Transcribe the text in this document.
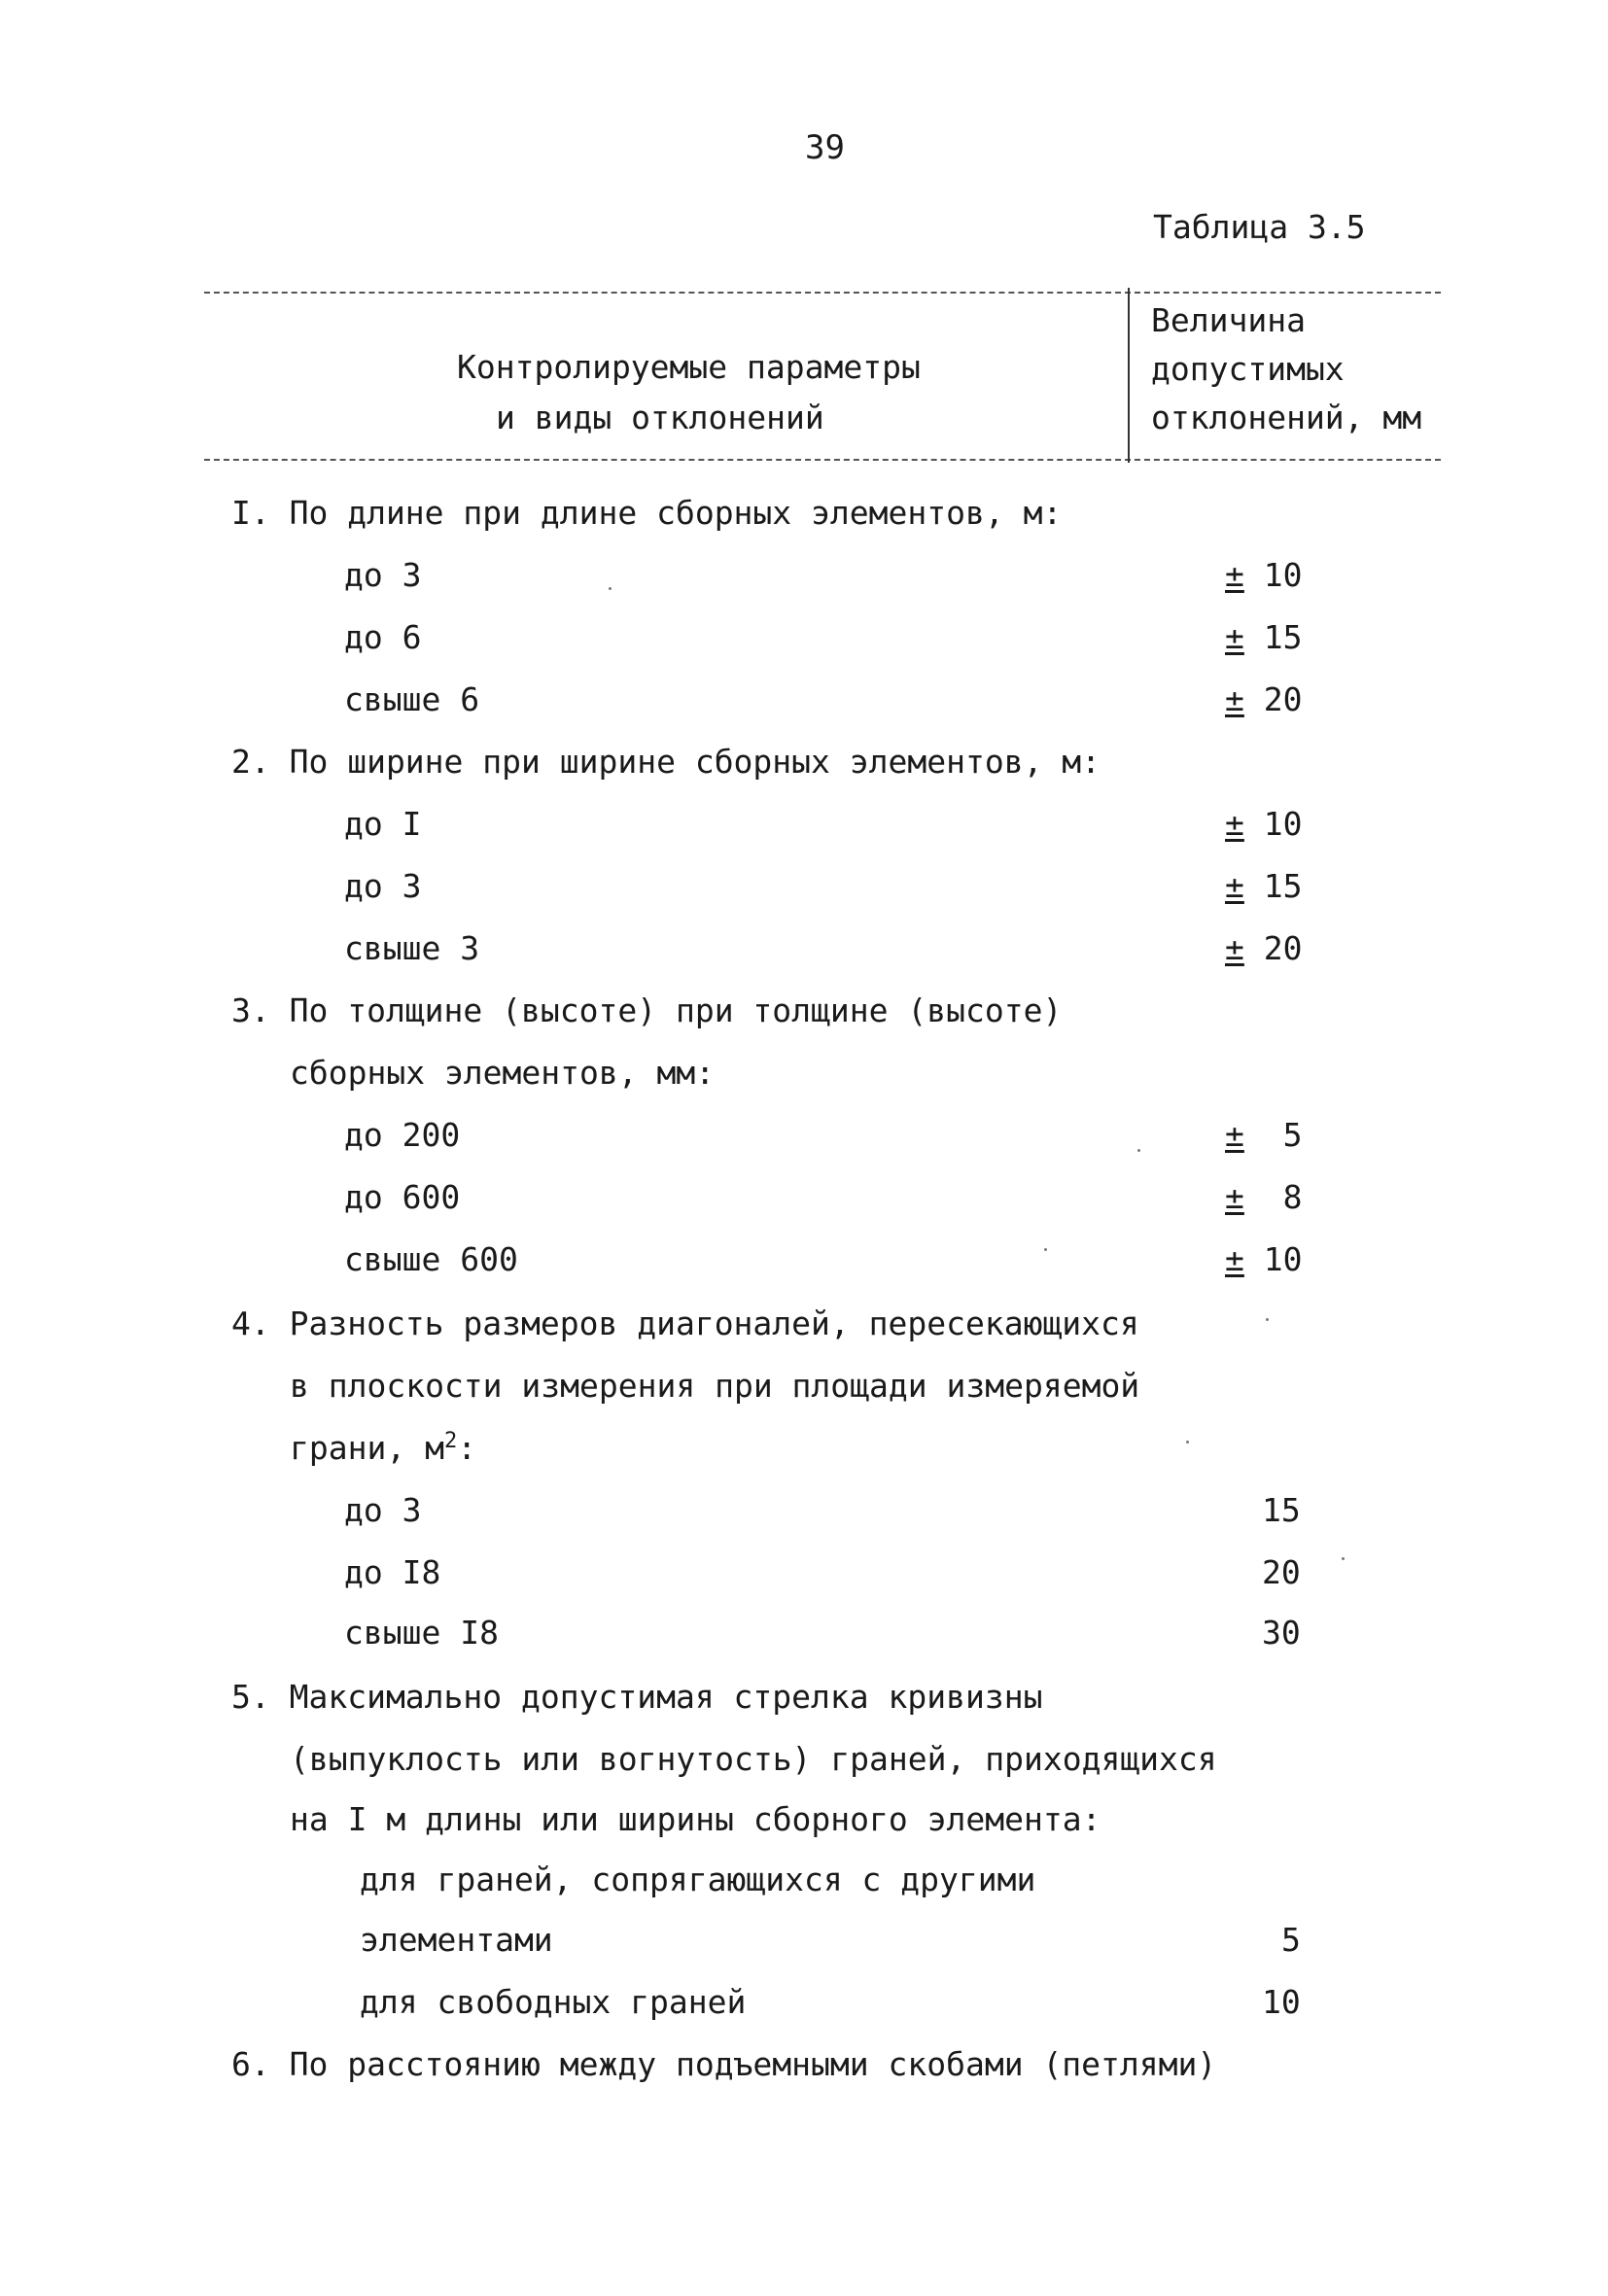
39
Таблица 3.5
Контролируемые параметры
и виды отклонений
Величина
допустимых
отклонений, мм
I. По длине при длине сборных элементов, м:
до 3	± 10
до 6	± 15
свыше 6	± 20
2. По ширине при ширине сборных элементов, м:
до I	± 10
до 3	± 15
свыше 3	± 20
3. По толщине (высоте) при толщине (высоте)
сборных элементов, мм:
до 200	± 5
до 600	± 8
свыше 600	± 10
4. Разность размеров диагоналей, пересекающихся
в плоскости измерения при площади измеряемой
грани, $м^2$:
до 3	15
до I8	20
свыше I8	30
5. Максимально допустимая стрелка кривизны
(выпуклость или вогнутость) граней, приходящихся
на I м длины или ширины сборного элемента:
для граней, сопрягающихся с другими
элементами	5
для свободных граней	10
6. По расстоянию между подъемными скобами (петлями)
